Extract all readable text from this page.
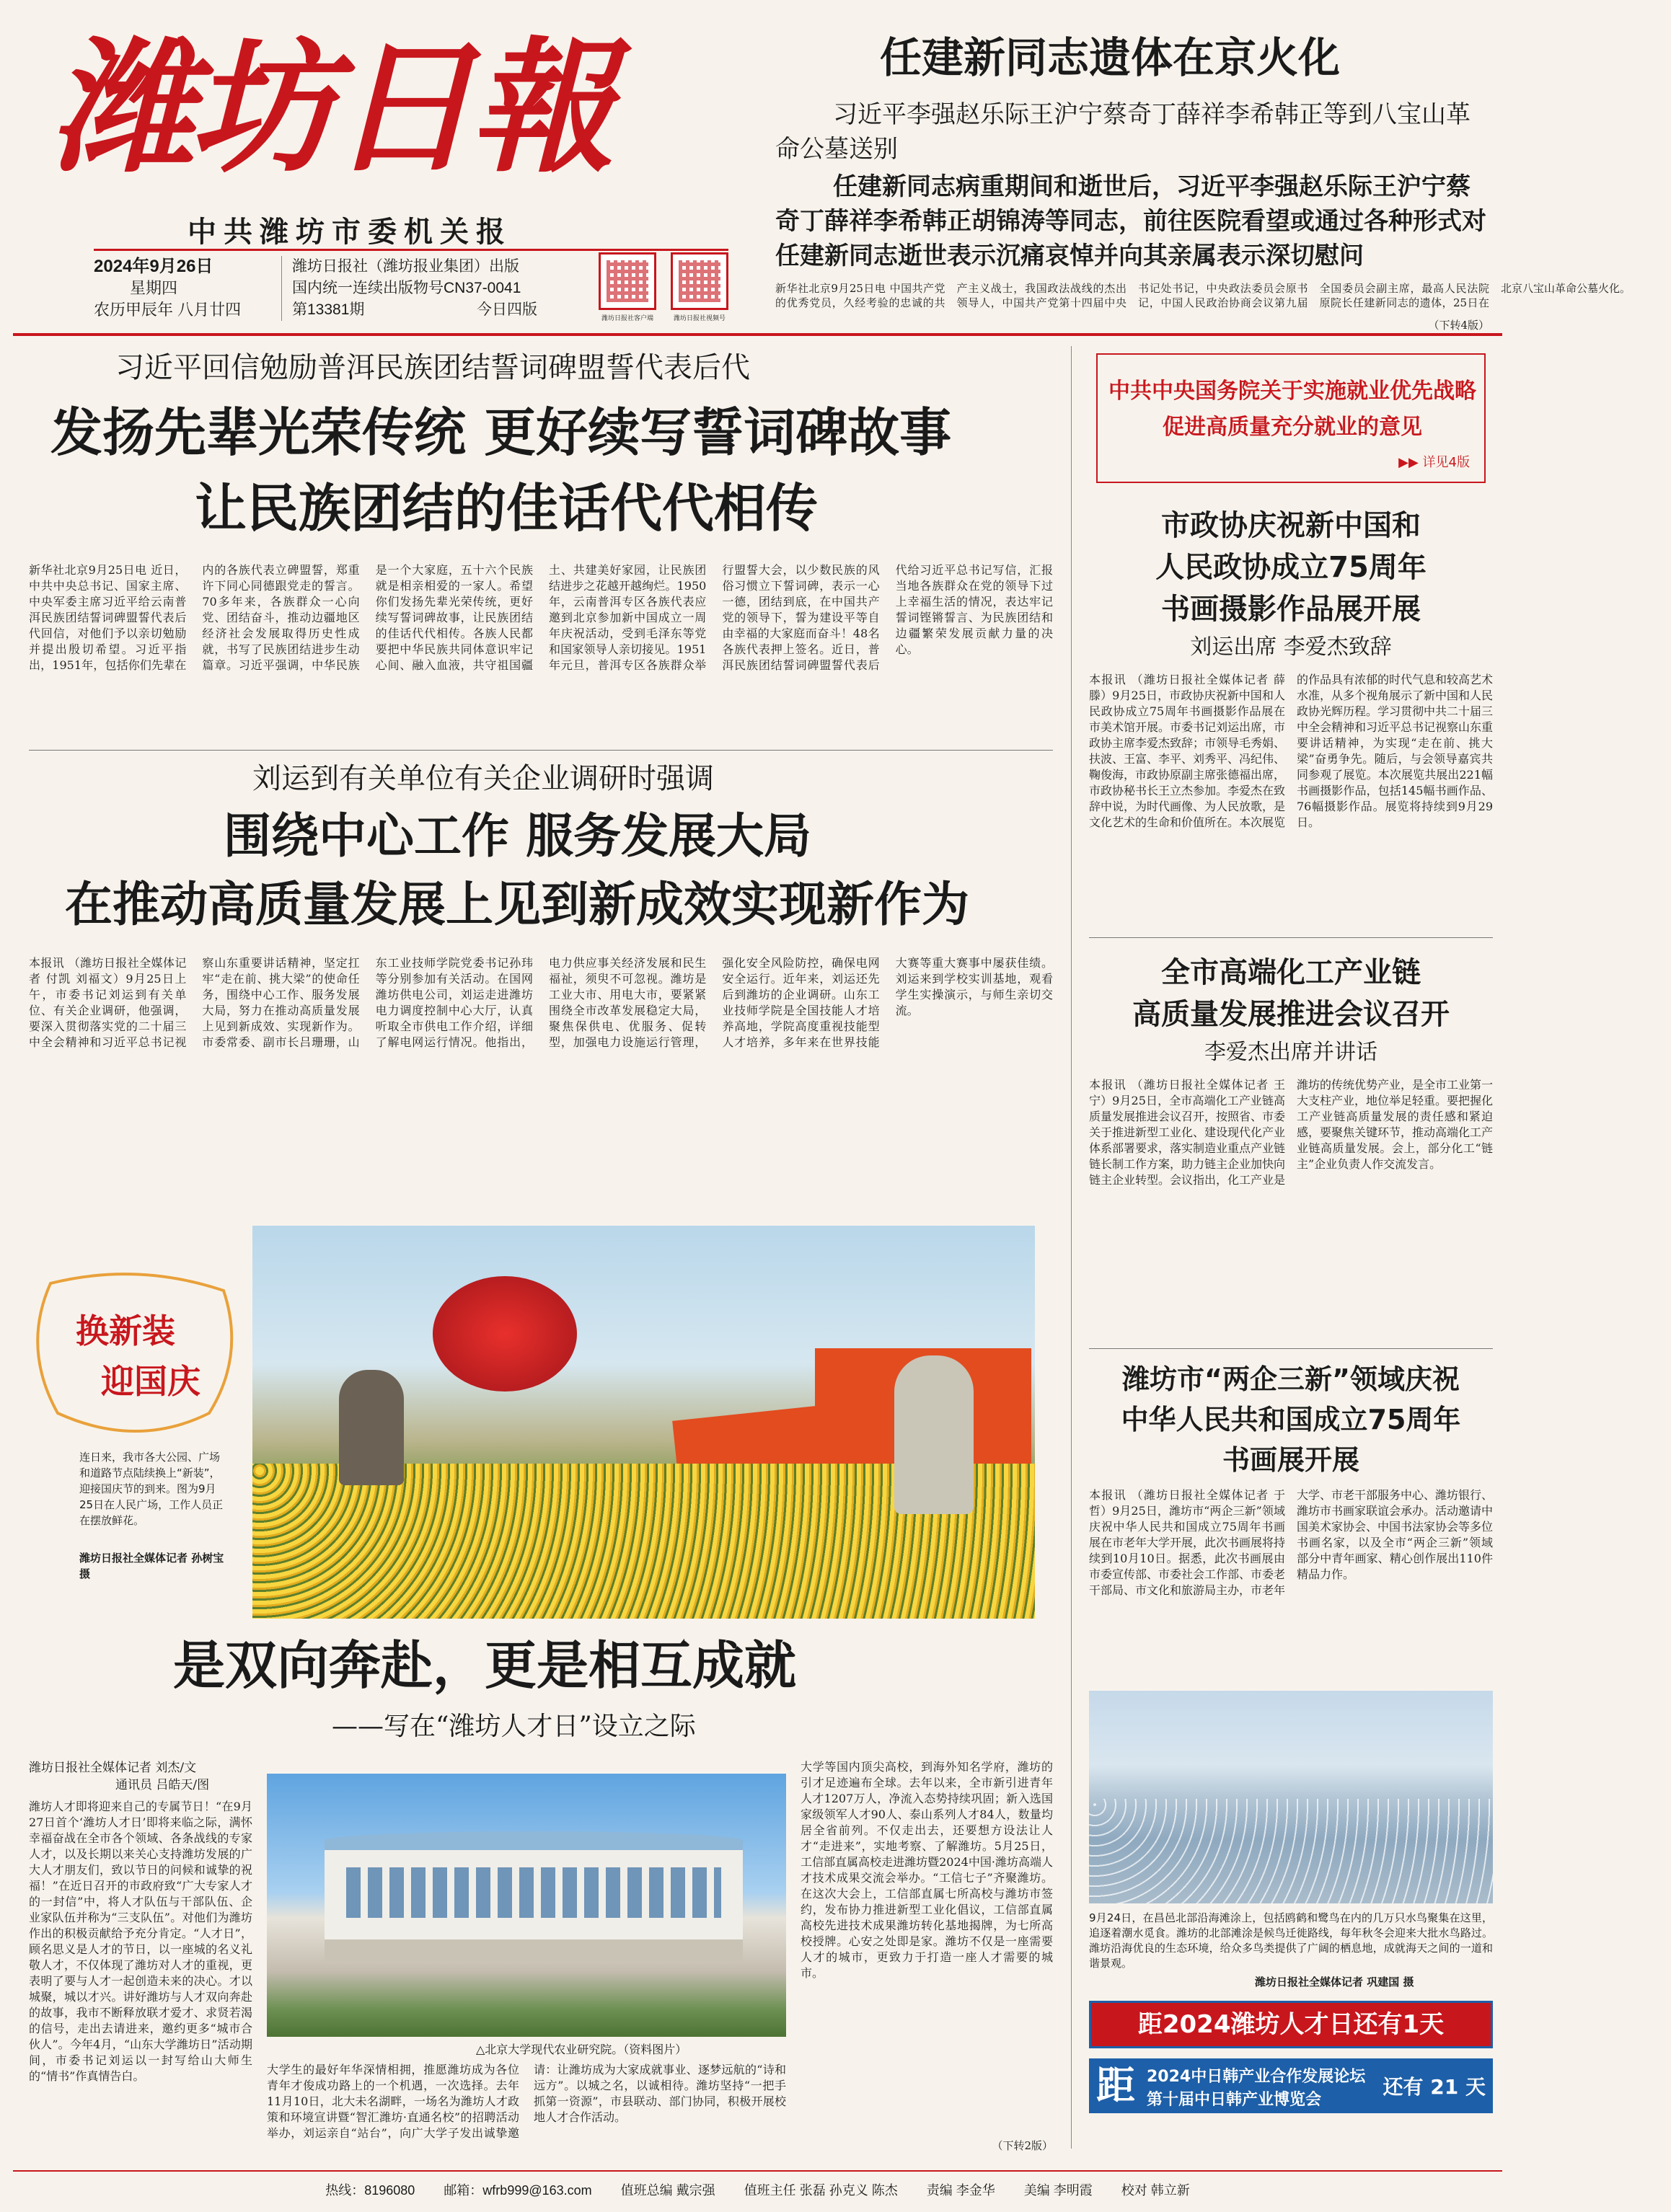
潍坊日報
中共潍坊市委机关报
2024年9月26日
星期四
农历甲辰年 八月廿四
潍坊日报社（潍坊报业集团）出版
国内统一连续出版物号CN37-0041
第13381期	今日四版
潍坊日报社客户端	潍坊日报社视频号
任建新同志遗体在京火化
习近平李强赵乐际王沪宁蔡奇丁薛祥李希韩正等到八宝山革命公墓送别
任建新同志病重期间和逝世后，习近平李强赵乐际王沪宁蔡奇丁薛祥李希韩正胡锦涛等同志，前往医院看望或通过各种形式对任建新同志逝世表示沉痛哀悼并向其亲属表示深切慰问
新华社北京9月25日电 中国共产党的优秀党员，久经考验的忠诚的共产主义战士，我国政法战线的杰出领导人，中国共产党第十四届中央书记处书记，中央政法委员会原书记，中国人民政治协商会议第九届全国委员会副主席，最高人民法院原院长任建新同志的遗体，25日在北京八宝山革命公墓火化。
（下转4版）
习近平回信勉励普洱民族团结誓词碑盟誓代表后代
发扬先辈光荣传统 更好续写誓词碑故事
让民族团结的佳话代代相传
新华社北京9月25日电 近日，中共中央总书记、国家主席、中央军委主席习近平给云南普洱民族团结誓词碑盟誓代表后代回信，对他们予以亲切勉励并提出殷切希望。习近平指出，1951年，包括你们先辈在内的各族代表立碑盟誓，郑重许下同心同德跟党走的誓言。70多年来，各族群众一心向党、团结奋斗，推动边疆地区经济社会发展取得历史性成就，书写了民族团结进步生动篇章。习近平强调，中华民族是一个大家庭，五十六个民族就是相亲相爱的一家人。希望你们发扬先辈光荣传统，更好续写誓词碑故事，让民族团结的佳话代代相传。各族人民都要把中华民族共同体意识牢记心间、融入血液，共守祖国疆土、共建美好家园，让民族团结进步之花越开越绚烂。1950年，云南普洱专区各族代表应邀到北京参加新中国成立一周年庆祝活动，受到毛泽东等党和国家领导人亲切接见。1951年元旦，普洱专区各族群众举行盟誓大会，以少数民族的风俗习惯立下誓词碑，表示一心一德，团结到底，在中国共产党的领导下，誓为建设平等自由幸福的大家庭而奋斗！48名各族代表押上签名。近日，普洱民族团结誓词碑盟誓代表后代给习近平总书记写信，汇报当地各族群众在党的领导下过上幸福生活的情况，表达牢记誓词铿锵誓言、为民族团结和边疆繁荣发展贡献力量的决心。
刘运到有关单位有关企业调研时强调
围绕中心工作 服务发展大局
在推动高质量发展上见到新成效实现新作为
本报讯 （潍坊日报社全媒体记者 付凯 刘福文）9月25日上午，市委书记刘运到有关单位、有关企业调研，他强调，要深入贯彻落实党的二十届三中全会精神和习近平总书记视察山东重要讲话精神，坚定扛牢“走在前、挑大梁”的使命任务，围绕中心工作、服务发展大局，努力在推动高质量发展上见到新成效、实现新作为。市委常委、副市长吕珊珊，山东工业技师学院党委书记孙玮等分别参加有关活动。在国网潍坊供电公司，刘运走进潍坊电力调度控制中心大厅，认真听取全市供电工作介绍，详细了解电网运行情况。他指出，电力供应事关经济发展和民生福祉，须臾不可忽视。潍坊是工业大市、用电大市，要紧紧围绕全市改革发展稳定大局，聚焦保供电、优服务、促转型，加强电力设施运行管理，强化安全风险防控，确保电网安全运行。近年来，刘运还先后到潍坊的企业调研。山东工业技师学院是全国技能人才培养高地，学院高度重视技能型人才培养，多年来在世界技能大赛等重大赛事中屡获佳绩。刘运来到学校实训基地，观看学生实操演示，与师生亲切交流。
换新装
迎国庆
连日来，我市各大公园、广场和道路节点陆续换上“新装”，迎接国庆节的到来。图为9月25日在人民广场，工作人员正在摆放鲜花。
潍坊日报社全媒体记者 孙树宝 摄
是双向奔赴，更是相互成就
——写在“潍坊人才日”设立之际
潍坊日报社全媒体记者 刘杰/文
通讯员 吕皓天/图
潍坊人才即将迎来自己的专属节日！“在9月27日首个‘潍坊人才日’即将来临之际，满怀幸福奋战在全市各个领域、各条战线的专家人才，以及长期以来关心支持潍坊发展的广大人才朋友们，致以节日的问候和诚挚的祝福！”在近日召开的市政府致“广大专家人才的一封信”中，将人才队伍与干部队伍、企业家队伍并称为“三支队伍”。对他们为潍坊作出的积极贡献给予充分肯定。“人才日”，顾名思义是人才的节日，以一座城的名义礼敬人才，不仅体现了潍坊对人才的重视，更表明了要与人才一起创造未来的决心。才以城聚，城以才兴。讲好潍坊与人才双向奔赴的故事，我市不断释放联才爱才、求贤若渴的信号，走出去请进来，邀约更多“城市合伙人”。今年4月，“山东大学潍坊日”活动期间，市委书记刘运以一封写给山大师生的“情书”作真情告白。
△北京大学现代农业研究院。（资料图片）
大学生的最好年华深情相拥，推愿潍坊成为各位青年才俊成功路上的一个机遇，一次选择。去年11月10日，北大未名湖畔，一场名为潍坊人才政策和环境宣讲暨“智汇潍坊·直通名校”的招聘活动举办，刘运亲自“站台”，向广大学子发出诚挚邀请：让潍坊成为大家成就事业、逐梦远航的“诗和远方”。以城之名，以诚相待。潍坊坚持“一把手抓第一资源”，市县联动、部门协同，积极开展校地人才合作活动。
大学等国内顶尖高校，到海外知名学府，潍坊的引才足迹遍布全球。去年以来，全市新引进青年人才1207万人，净流入态势持续巩固；新入选国家级领军人才90人、泰山系列人才84人，数量均居全省前列。不仅走出去，还要想方设法让人才“走进来”，实地考察、了解潍坊。5月25日，工信部直属高校走进潍坊暨2024中国·潍坊高端人才技术成果交流会举办。“工信七子”齐聚潍坊。在这次大会上，工信部直属七所高校与潍坊市签约，发布协力推进新型工业化倡议，工信部直属高校先进技术成果潍坊转化基地揭牌，为七所高校授牌。心安之处即是家。潍坊不仅是一座需要人才的城市，更致力于打造一座人才需要的城市。
（下转2版）
中共中央国务院关于实施就业优先战略
促进高质量充分就业的意见
▶▶ 详见4版
市政协庆祝新中国和
人民政协成立75周年
书画摄影作品展开展
刘运出席 李爱杰致辞
本报讯 （潍坊日报社全媒体记者 薛滕）9月25日，市政协庆祝新中国和人民政协成立75周年书画摄影作品展在市美术馆开展。市委书记刘运出席，市政协主席李爱杰致辞；市领导毛秀娟、扶波、王富、李平、刘秀平、冯纪伟、鞠俊海，市政协原副主席张德福出席，市政协秘书长王立杰参加。李爱杰在致辞中说，为时代画像、为人民放歌，是文化艺术的生命和价值所在。本次展览的作品具有浓郁的时代气息和较高艺术水准，从多个视角展示了新中国和人民政协光辉历程。学习贯彻中共二十届三中全会精神和习近平总书记视察山东重要讲话精神，为实现“走在前、挑大梁”奋勇争先。随后，与会领导嘉宾共同参观了展览。本次展览共展出221幅书画摄影作品，包括145幅书画作品、76幅摄影作品。展览将持续到9月29日。
全市高端化工产业链
高质量发展推进会议召开
李爱杰出席并讲话
本报讯 （潍坊日报社全媒体记者 王宁）9月25日，全市高端化工产业链高质量发展推进会议召开，按照省、市委关于推进新型工业化、建设现代化产业体系部署要求，落实制造业重点产业链链长制工作方案，助力链主企业加快向链主企业转型。会议指出，化工产业是潍坊的传统优势产业，是全市工业第一大支柱产业，地位举足轻重。要把握化工产业链高质量发展的责任感和紧迫感，要聚焦关键环节，推动高端化工产业链高质量发展。会上，部分化工“链主”企业负责人作交流发言。
潍坊市“两企三新”领域庆祝
中华人民共和国成立75周年
书画展开展
本报讯 （潍坊日报社全媒体记者 于哲）9月25日，潍坊市“两企三新”领域庆祝中华人民共和国成立75周年书画展在市老年大学开展，此次书画展将持续到10月10日。据悉，此次书画展由市委宣传部、市委社会工作部、市委老干部局、市文化和旅游局主办，市老年大学、市老干部服务中心、潍坊银行、潍坊市书画家联谊会承办。活动邀请中国美术家协会、中国书法家协会等多位书画名家，以及全市“两企三新”领域部分中青年画家、精心创作展出110件精品力作。
9月24日，在昌邑北部沿海滩涂上，包括鸥鹤和鹭鸟在内的几万只水鸟聚集在这里，追逐着潮水觅食。潍坊的北部滩涂是候鸟迁徙路线，每年秋冬会迎来大批水鸟路过。潍坊沿海优良的生态环境，给众多鸟类提供了广阔的栖息地，成就海天之间的一道和谐景观。
潍坊日报社全媒体记者 巩建国 摄
距2024潍坊人才日还有1天
距 2024中日韩产业合作发展论坛
第十届中日韩产业博览会
还有 21 天
热线：8196080 邮箱：wfrb999@163.com 值班总编 戴宗强 值班主任 张磊 孙克义 陈杰 责编 李金华 美编 李明霞 校对 韩立新
